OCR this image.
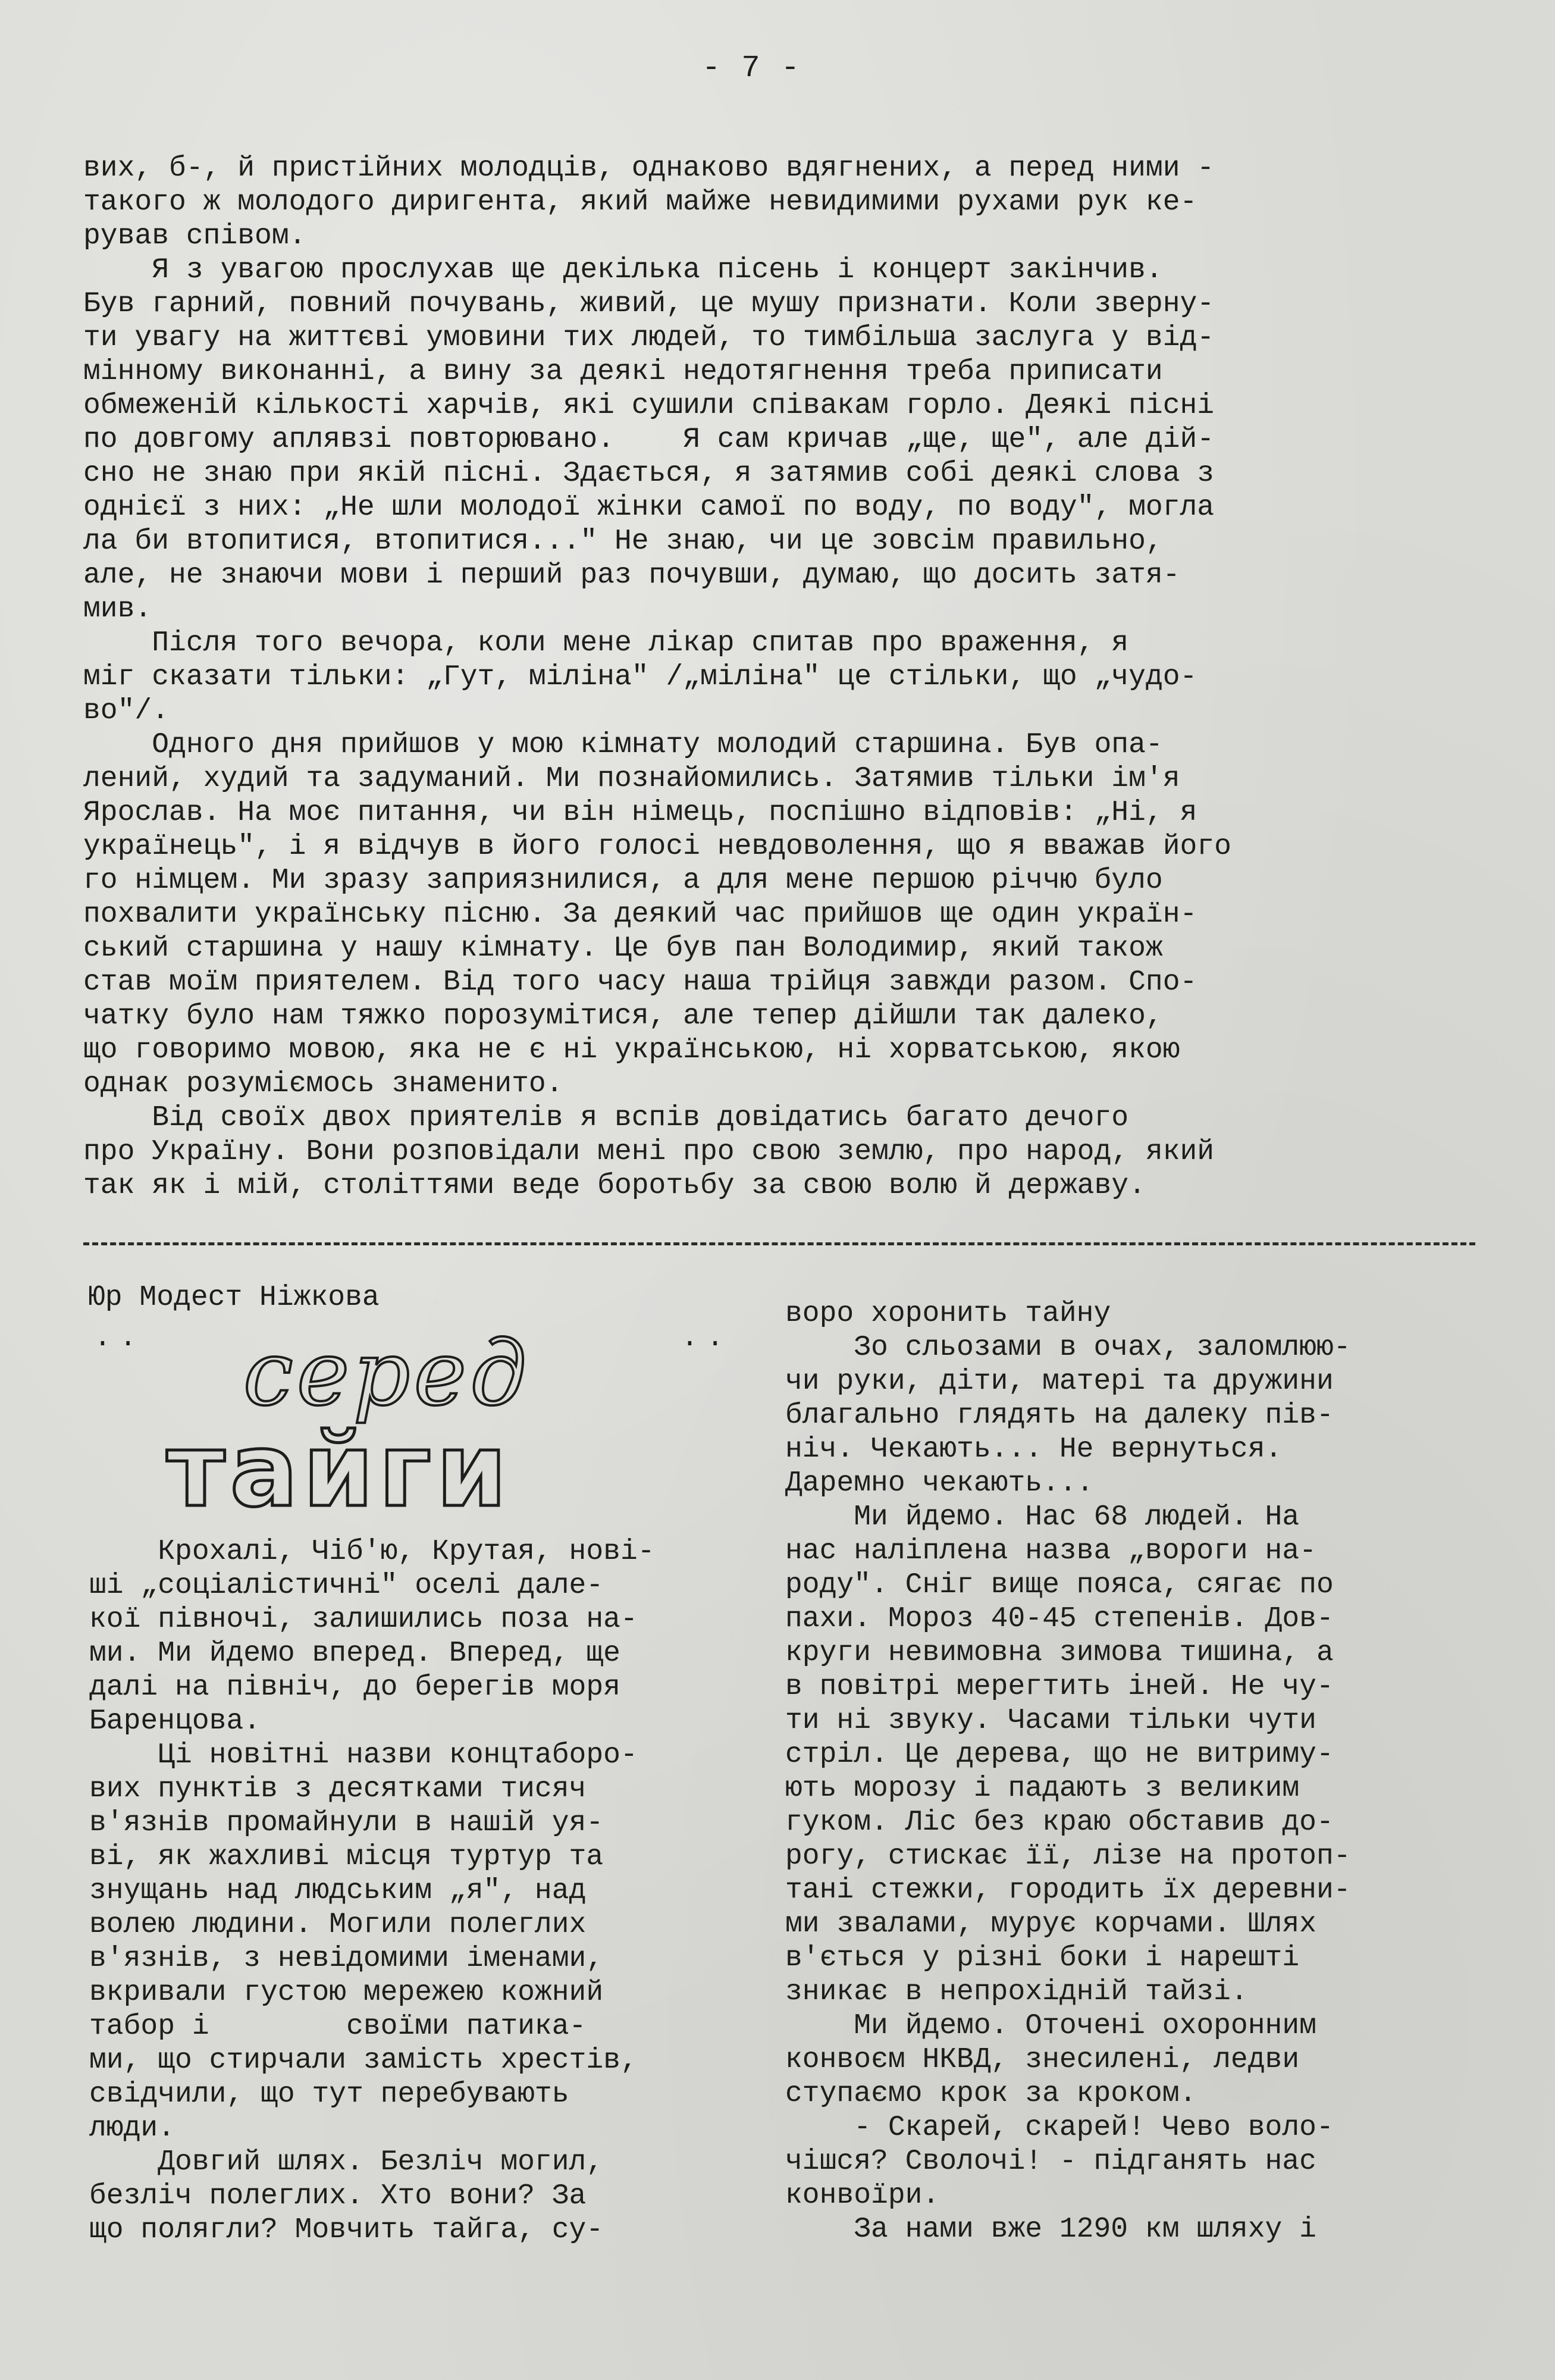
- 7 -
вих, б-, й пристійних молодців, однаково вдягнених, а перед ними -
такого ж молодого диригента, який майже невидимими рухами рук ке-
рував співом.
Я з увагою прослухав ще декілька пісень і концерт закінчив.
Був гарний, повний почувань, живий, це мушу признати. Коли зверну-
ти увагу на життєві умовини тих людей, то тимбільша заслуга у від-
мінному виконанні, а вину за деякі недотягнення треба приписати
обмеженій кількості харчів, які сушили співакам горло. Деякі пісні
по довгому аплявзі повторювано.    Я сам кричав „ще, ще", але дій-
сно не знаю при якій пісні. Здається, я затямив собі деякі слова з
однієї з них: „Не шли молодої жінки самої по воду, по воду", могла
ла би втопитися, втопитися..." Не знаю, чи це зовсім правильно,
але, не знаючи мови і перший раз почувши, думаю, що досить затя-
мив.
Після того вечора, коли мене лікар спитав про враження, я
міг сказати тільки: „Гут, міліна" /„міліна" це стільки, що „чудо-
во"/.
Одного дня прийшов у мою кімнату молодий старшина. Був опа-
лений, худий та задуманий. Ми познайомились. Затямив тільки ім'я
Ярослав. На моє питання, чи він німець, поспішно відповів: „Ні, я
українець", і я відчув в його голосі невдоволення, що я вважав його
го німцем. Ми зразу заприязнилися, а для мене першою річчю було
похвалити українську пісню. За деякий час прийшов ще один україн-
ський старшина у нашу кімнату. Це був пан Володимир, який також
став моїм приятелем. Від того часу наша трійця завжди разом. Спо-
чатку було нам тяжко порозумітися, але тепер дійшли так далеко,
що говоримо мовою, яка не є ні українською, ні хорватською, якою
однак розуміємось знаменито.
Від своїх двох приятелів я вспів довідатись багато дечого
про Україну. Вони розповідали мені про свою землю, про народ, який
так як і мій, століттями веде боротьбу за свою волю й державу.
Юр Модест Ніжкова
..	..
серед
тайги
Крохалі, Чіб'ю, Крутая, нові-
ші „соціалістичні" оселі дале-
кої півночі, залишились поза на-
ми. Ми йдемо вперед. Вперед, ще
далі на північ, до берегів моря
Баренцова.
Ці новітні назви концтаборо-
вих пунктів з десятками тисяч
в'язнів промайнули в нашій уя-
ві, як жахливі місця туртур та
знущань над людським „я", над
волею людини. Могили полеглих
в'язнів, з невідомими іменами,
вкривали густою мережею кожний
табор і        своїми патика-
ми, що стирчали замість хрестів,
свідчили, що тут перебувають
люди.
Довгий шлях. Безліч могил,
безліч полеглих. Хто вони? За
що полягли? Мовчить тайга, су-
воро хоронить тайну
Зо сльозами в очах, заломлюю-
чи руки, діти, матері та дружини
благально глядять на далеку пів-
ніч. Чекають... Не вернуться.
Даремно чекають...
Ми йдемо. Нас 68 людей. На
нас наліплена назва „вороги на-
роду". Сніг вище пояса, сягає по
пахи. Мороз 40-45 степенів. Дов-
круги невимовна зимова тишина, а
в повітрі мерегтить іней. Не чу-
ти ні звуку. Часами тільки чути
стріл. Це дерева, що не витриму-
ють морозу і падають з великим
гуком. Ліс без краю обставив до-
рогу, стискає її, лізе на протоп-
тані стежки, городить їх деревни-
ми звалами, мурує корчами. Шлях
в'ється у різні боки і нарешті
зникає в непрохідній тайзі.
Ми йдемо. Оточені охоронним
конвоєм НКВД, знесилені, ледви
ступаємо крок за кроком.
- Скарей, скарей! Чево воло-
чішся? Сволочі! - підганять нас
конвоїри.
За нами вже 1290 км шляху і
